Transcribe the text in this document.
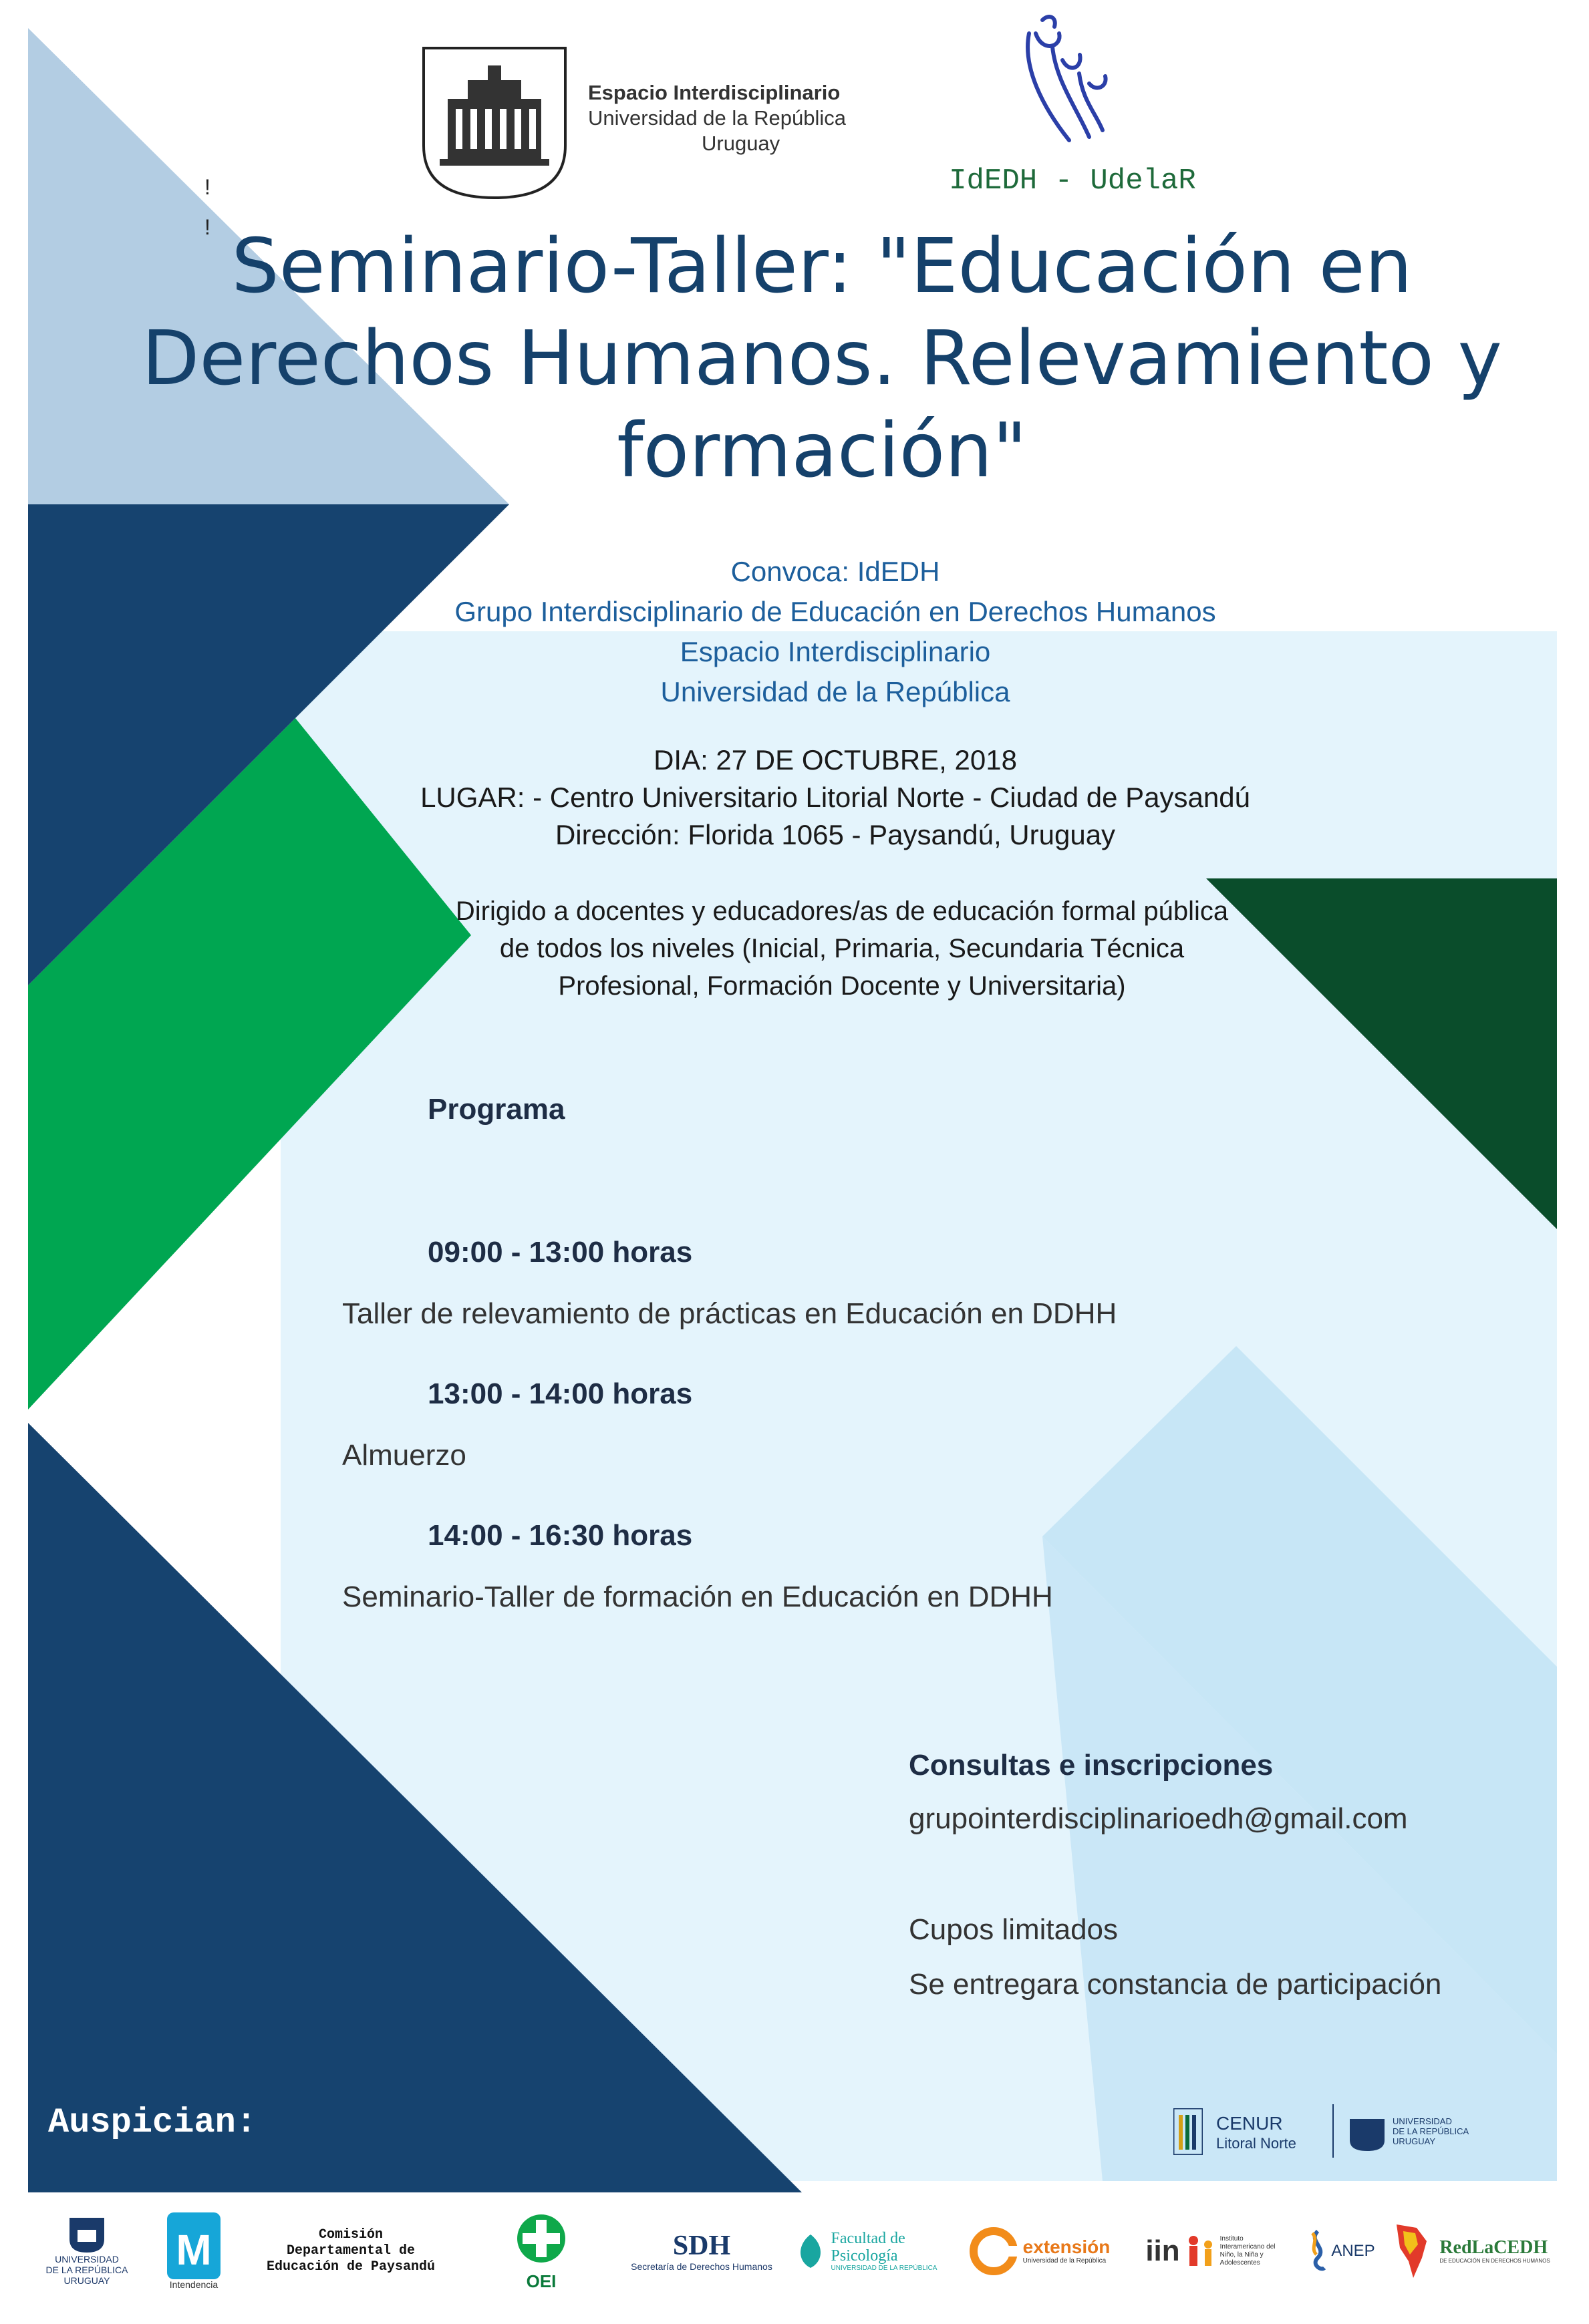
Espacio Interdisciplinario
Universidad de la República
Uruguay
IdEDH - UdelaR
!
! Seminario-Taller: "Educación en
Derechos Humanos. Relevamiento y
formación"
Convoca: IdEDH
Grupo Interdisciplinario de Educación en Derechos Humanos
Espacio Interdisciplinario
Universidad de la República
DIA: 27 DE OCTUBRE, 2018
LUGAR: - Centro Universitario Litorial Norte - Ciudad de Paysandú
Dirección: Florida 1065 - Paysandú, Uruguay
Dirigido a docentes y educadores/as de educación formal pública
de todos los niveles (Inicial, Primaria, Secundaria Técnica
Profesional, Formación Docente y Universitaria)
Programa
09:00 - 13:00 horas
Taller de relevamiento de prácticas en Educación en DDHH
13:00 - 14:00 horas
Almuerzo
14:00 - 16:30 horas
Seminario-Taller de formación en Educación en DDHH
Consultas e inscripciones
grupointerdisciplinarioedh@gmail.com
Cupos limitados
Se entregara constancia de participación
Auspician:	CENUR
Litoral Norte
UNIVERSIDAD
DE LA REPÚBLICA
URUGUAY
UNIVERSIDAD
DE LA REPÚBLICA
URUGUAY
M
Intendencia
Comisión
Departamental de
Educación de Paysandú
OEI
SDH
Secretaría de Derechos Humanos
Facultad de
Psicología
UNIVERSIDAD DE LA REPÚBLICA
extensión
Universidad de la República iin	Instituto Interamericano del Niño, la Niña y Adolescentes
ANEP	RedLaCEDH
DE EDUCACIÓN EN DERECHOS HUMANOS
